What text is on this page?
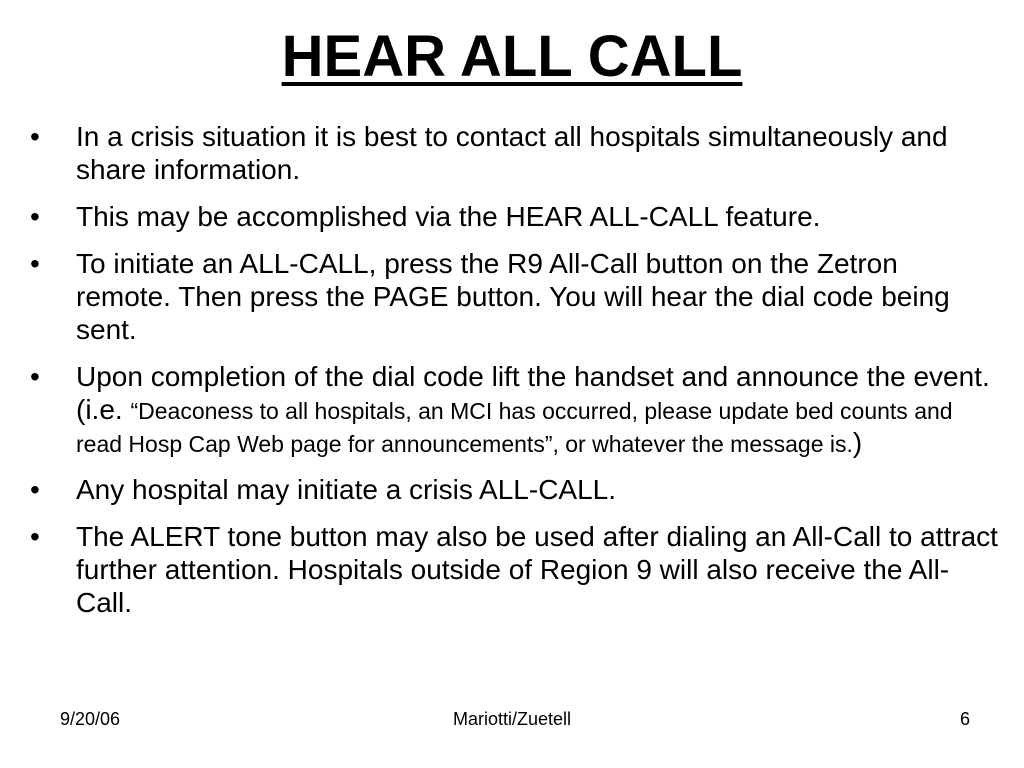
HEAR ALL CALL
•	In a crisis situation it is best to contact all hospitals simultaneously and share information.
•	This may be accomplished via the HEAR ALL-CALL feature.
•	To initiate an ALL-CALL, press the R9 All-Call button on the Zetron remote. Then press the PAGE button. You will hear the dial code being sent.
•	Upon completion of the dial code lift the handset and announce the event. (i.e. “Deaconess to all hospitals, an MCI has occurred, please update bed counts and read Hosp Cap Web page for announcements”, or whatever the message is.)
•	Any hospital may initiate a crisis ALL-CALL.
•	The ALERT tone button may also be used after dialing an All-Call to attract further attention. Hospitals outside of Region 9 will also receive the All-Call.
9/20/06	Mariotti/Zuetell	6
